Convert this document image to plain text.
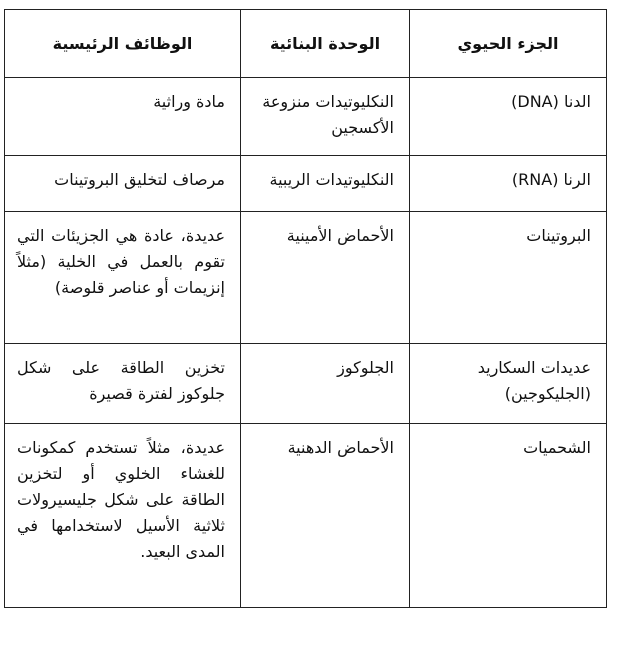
الجزء الحيوي	الوحدة البنائية	الوظائف الرئيسية
الدنا (DNA)	النكليوتيدات منزوعة الأكسجين	مادة وراثية
الرنا (RNA)	النكليوتيدات الريبية	مرصاف لتخليق البروتينات
البروتينات	الأحماض الأمينية	عديدة، عادة هي الجزيئات التي تقوم بالعمل في الخلية (مثلاً إنزيمات أو عناصر قلوصة)
عديدات السكاريد (الجليكوجين)	الجلوكوز	تخزين الطاقة على شكل جلوكوز لفترة قصيرة
الشحميات	الأحماض الدهنية	عديدة، مثلاً تستخدم كمكونات للغشاء الخلوي أو لتخزين الطاقة على شكل جليسيرولات ثلاثية الأسيل لاستخدامها في المدى البعيد.
